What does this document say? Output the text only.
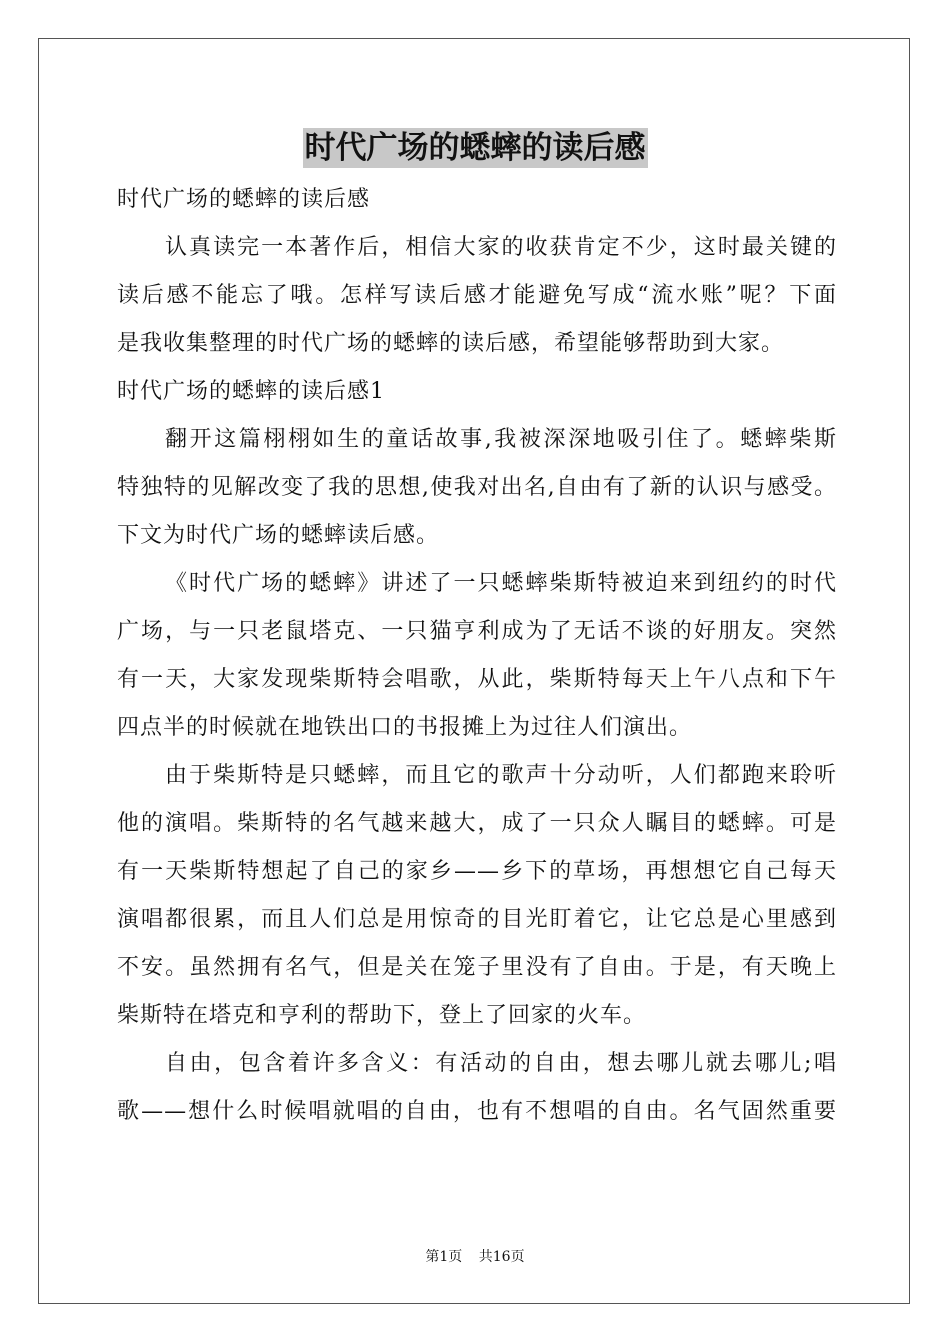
时代广场的蟋蟀的读后感
时代广场的蟋蟀的读后感
认真读完一本著作后，相信大家的收获肯定不少，这时最关键的
读后感不能忘了哦。怎样写读后感才能避免写成“流水账”呢？下面
是我收集整理的时代广场的蟋蟀的读后感，希望能够帮助到大家。
时代广场的蟋蟀的读后感1
翻开这篇栩栩如生的童话故事,我被深深地吸引住了。蟋蟀柴斯
特独特的见解改变了我的思想,使我对出名,自由有了新的认识与感受。
下文为时代广场的蟋蟀读后感。
《时代广场的蟋蟀》讲述了一只蟋蟀柴斯特被迫来到纽约的时代
广场，与一只老鼠塔克、一只猫亨利成为了无话不谈的好朋友。突然
有一天，大家发现柴斯特会唱歌，从此，柴斯特每天上午八点和下午
四点半的时候就在地铁出口的书报摊上为过往人们演出。
由于柴斯特是只蟋蟀，而且它的歌声十分动听，人们都跑来聆听
他的演唱。柴斯特的名气越来越大，成了一只众人瞩目的蟋蟀。可是
有一天柴斯特想起了自己的家乡——乡下的草场，再想想它自己每天
演唱都很累，而且人们总是用惊奇的目光盯着它，让它总是心里感到
不安。虽然拥有名气，但是关在笼子里没有了自由。于是，有天晚上
柴斯特在塔克和亨利的帮助下，登上了回家的火车。
自由，包含着许多含义：有活动的自由，想去哪儿就去哪儿;唱
歌——想什么时候唱就唱的自由，也有不想唱的自由。名气固然重要
第1页 共16页
